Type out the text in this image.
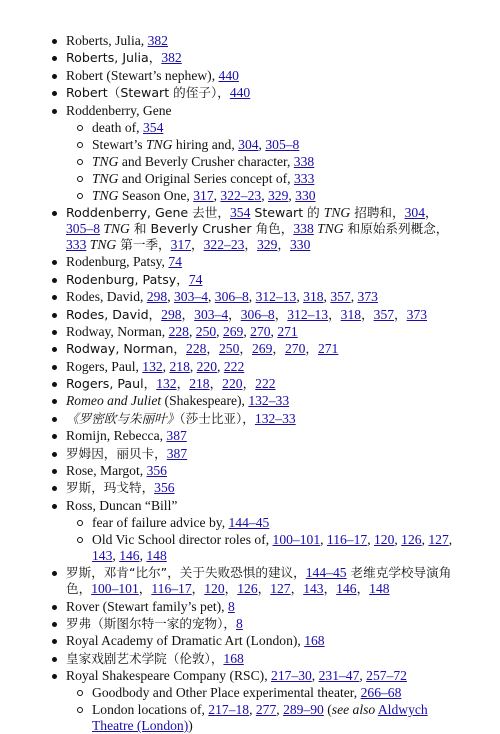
Roberts, Julia, 382
Roberts, Julia，382
Robert (Stewart’s nephew), 440
Robert（Stewart 的侄子），440
Roddenberry, Gene
death of, 354
Stewart’s TNG hiring and, 304, 305–8
TNG and Beverly Crusher character, 338
TNG and Original Series concept of, 333
TNG Season One, 317, 322–23, 329, 330
Roddenberry, Gene 去世，354 Stewart 的 TNG 招聘和，304，305–8 TNG 和 Beverly Crusher 角色，338 TNG 和原始系列概念，333 TNG 第一季，317，322–23，329，330
Rodenburg, Patsy, 74
Rodenburg, Patsy，74
Rodes, David, 298, 303–4, 306–8, 312–13, 318, 357, 373
Rodes, David，298，303–4，306–8，312–13，318，357，373
Rodway, Norman, 228, 250, 269, 270, 271
Rodway, Norman，228，250，269，270，271
Rogers, Paul, 132, 218, 220, 222
Rogers, Paul，132，218，220，222
Romeo and Juliet (Shakespeare), 132–33
《罗密欧与朱丽叶》（莎士比亚），132–33
Romijn, Rebecca, 387
罗姆因，丽贝卡，387
Rose, Margot, 356
罗斯，玛戈特，356
Ross, Duncan “Bill”
fear of failure advice by, 144–45
Old Vic School director roles of, 100–101, 116–17, 120, 126, 127, 143, 146, 148
罗斯，邓肯“比尔”，关于失败恐惧的建议，144–45 老维克学校导演角色，100–101，116–17，120，126，127，143，146，148
Rover (Stewart family’s pet), 8
罗弗（斯图尔特一家的宠物），8
Royal Academy of Dramatic Art (London), 168
皇家戏剧艺术学院（伦敦），168
Royal Shakespeare Company (RSC), 217–30, 231–47, 257–72
Goodbody and Other Place experimental theater, 266–68
London locations of, 217–18, 277, 289–90 (see also Aldwych Theatre (London))
